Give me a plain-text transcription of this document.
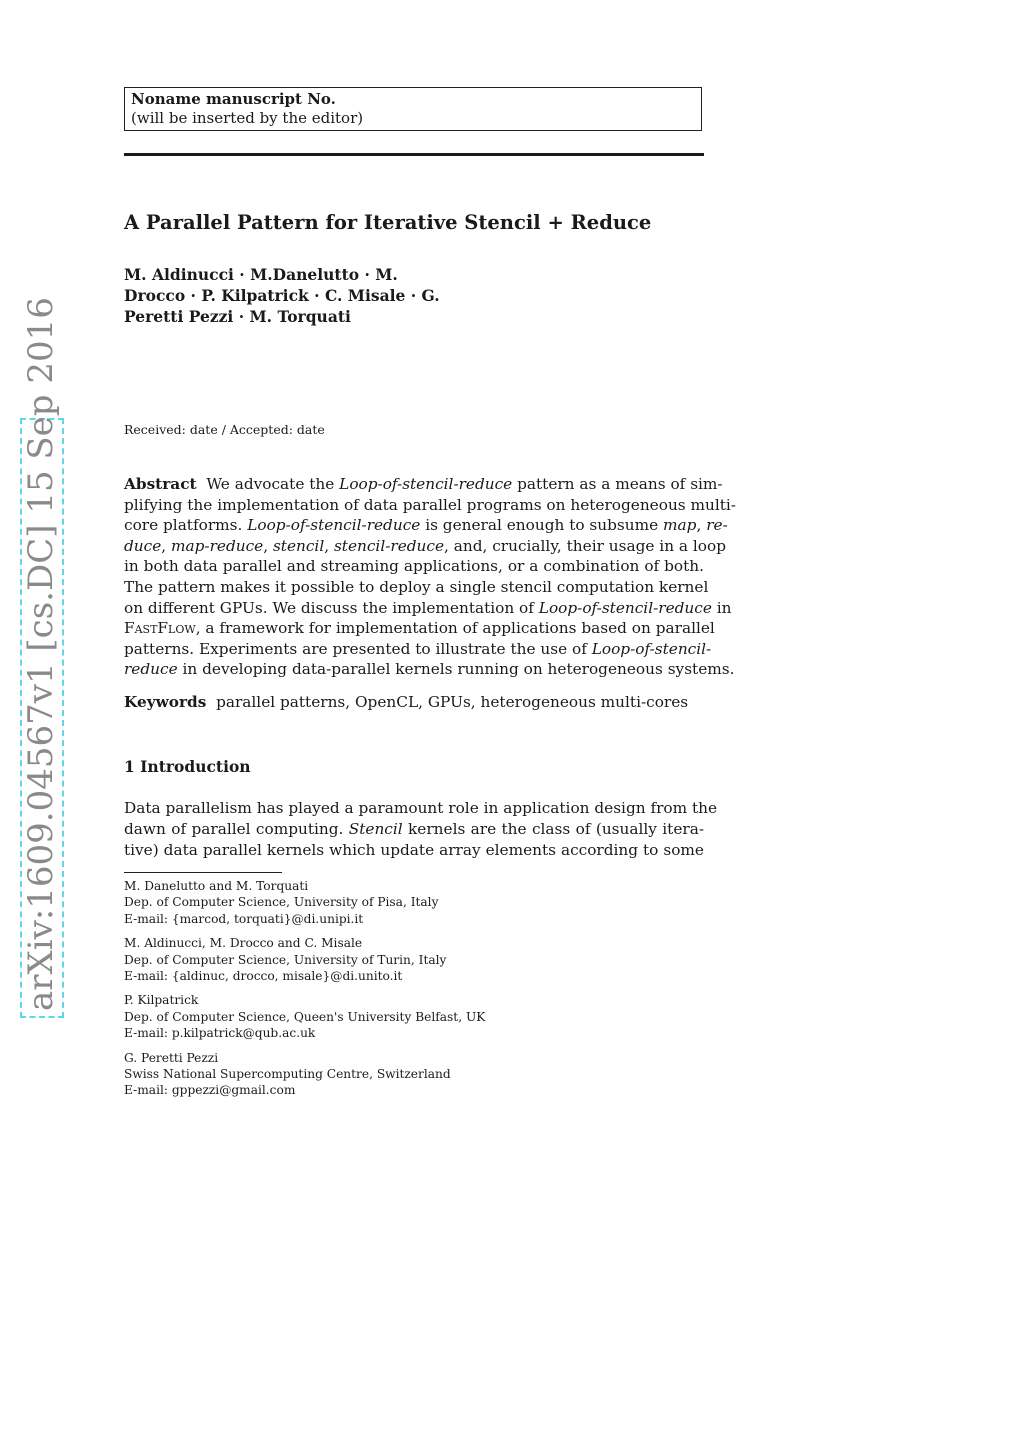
Noname manuscript No.
(will be inserted by the editor)
A Parallel Pattern for Iterative Stencil + Reduce
M. Aldinucci · M.Danelutto · M.
Drocco · P. Kilpatrick · C. Misale · G.
Peretti Pezzi · M. Torquati
Received: date / Accepted: date
Abstract We advocate the Loop-of-stencil-reduce pattern as a means of sim-
plifying the implementation of data parallel programs on heterogeneous multi-
core platforms. Loop-of-stencil-reduce is general enough to subsume map, re-
duce, map-reduce, stencil, stencil-reduce, and, crucially, their usage in a loop
in both data parallel and streaming applications, or a combination of both.
The pattern makes it possible to deploy a single stencil computation kernel
on different GPUs. We discuss the implementation of Loop-of-stencil-reduce in
FastFlow, a framework for implementation of applications based on parallel
patterns. Experiments are presented to illustrate the use of Loop-of-stencil-
reduce in developing data-parallel kernels running on heterogeneous systems.
Keywords parallel patterns, OpenCL, GPUs, heterogeneous multi-cores
1 Introduction
Data parallelism has played a paramount role in application design from the
dawn of parallel computing. Stencil kernels are the class of (usually itera-
tive) data parallel kernels which update array elements according to some
M. Danelutto and M. Torquati
Dep. of Computer Science, University of Pisa, Italy
E-mail: {marcod, torquati}@di.unipi.it
M. Aldinucci, M. Drocco and C. Misale
Dep. of Computer Science, University of Turin, Italy
E-mail: {aldinuc, drocco, misale}@di.unito.it
P. Kilpatrick
Dep. of Computer Science, Queen's University Belfast, UK
E-mail: p.kilpatrick@qub.ac.uk
G. Peretti Pezzi
Swiss National Supercomputing Centre, Switzerland
E-mail: gppezzi@gmail.com
arXiv:1609.04567v1 [cs.DC] 15 Sep 2016
